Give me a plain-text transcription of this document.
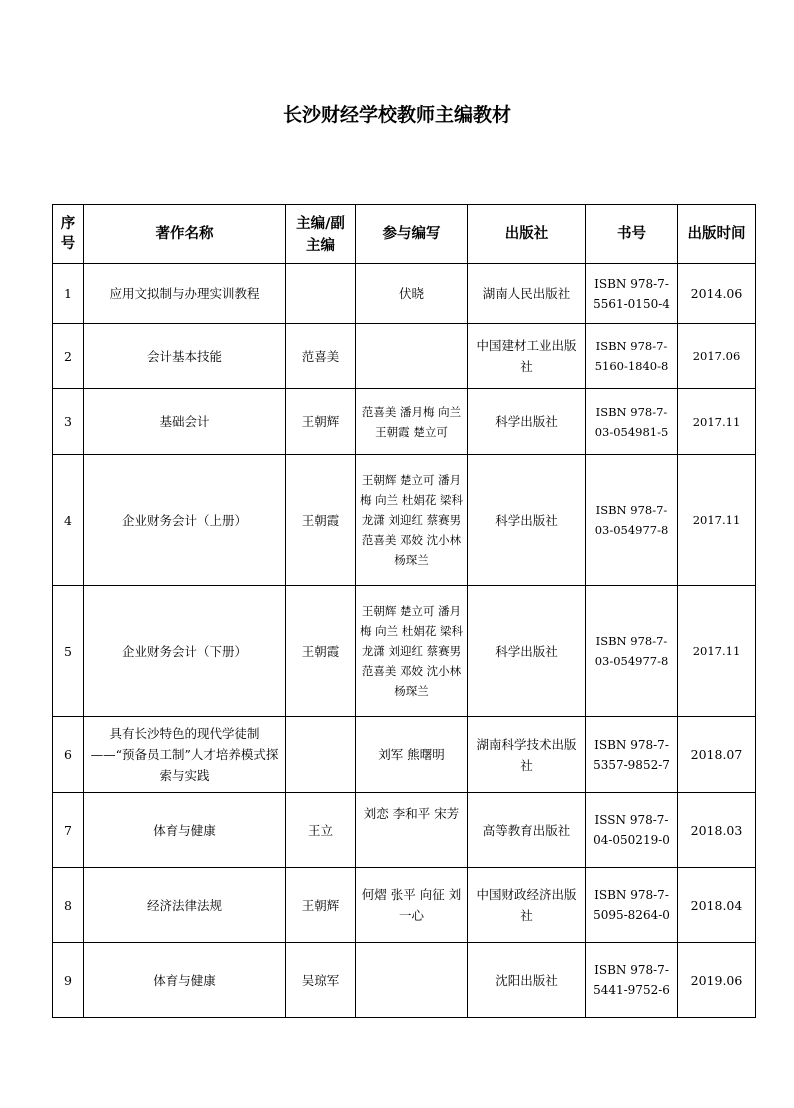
长沙财经学校教师主编教材
序号	著作名称	主编/副主编	参与编写	出版社	书号	出版时间
1	应用文拟制与办理实训教程		伏晓	湖南人民出版社	ISBN 978-7-5561-0150-4	2014.06
2	会计基本技能	范喜美		中国建材工业出版社	ISBN 978-7-5160-1840-8	2017.06
3	基础会计	王朝辉	范喜美 潘月梅 向兰 王朝霞 楚立可	科学出版社	ISBN 978-7-03-054981-5	2017.11
4	企业财务会计（上册）	王朝霞	王朝辉 楚立可 潘月梅 向兰 杜娟花 梁科 龙潇 刘迎红 蔡赛男 范喜美 邓姣 沈小林 杨琛兰	科学出版社	ISBN 978-7-03-054977-8	2017.11
5	企业财务会计（下册）	王朝霞	王朝辉 楚立可 潘月梅 向兰 杜娟花 梁科 龙潇 刘迎红 蔡赛男 范喜美 邓姣 沈小林 杨琛兰	科学出版社	ISBN 978-7-03-054977-8	2017.11
6	具有长沙特色的现代学徒制——“预备员工制”人才培养模式探索与实践		刘军 熊曙明	湖南科学技术出版社	ISBN 978-7-5357-9852-7	2018.07
7	体育与健康	王立	刘恋 李和平 宋芳	高等教育出版社	ISSN 978-7-04-050219-0	2018.03
8	经济法律法规	王朝辉	何熠 张平 向征 刘一心	中国财政经济出版社	ISBN 978-7-5095-8264-0	2018.04
9	体育与健康	吴琼军		沈阳出版社	ISBN 978-7-5441-9752-6	2019.06
